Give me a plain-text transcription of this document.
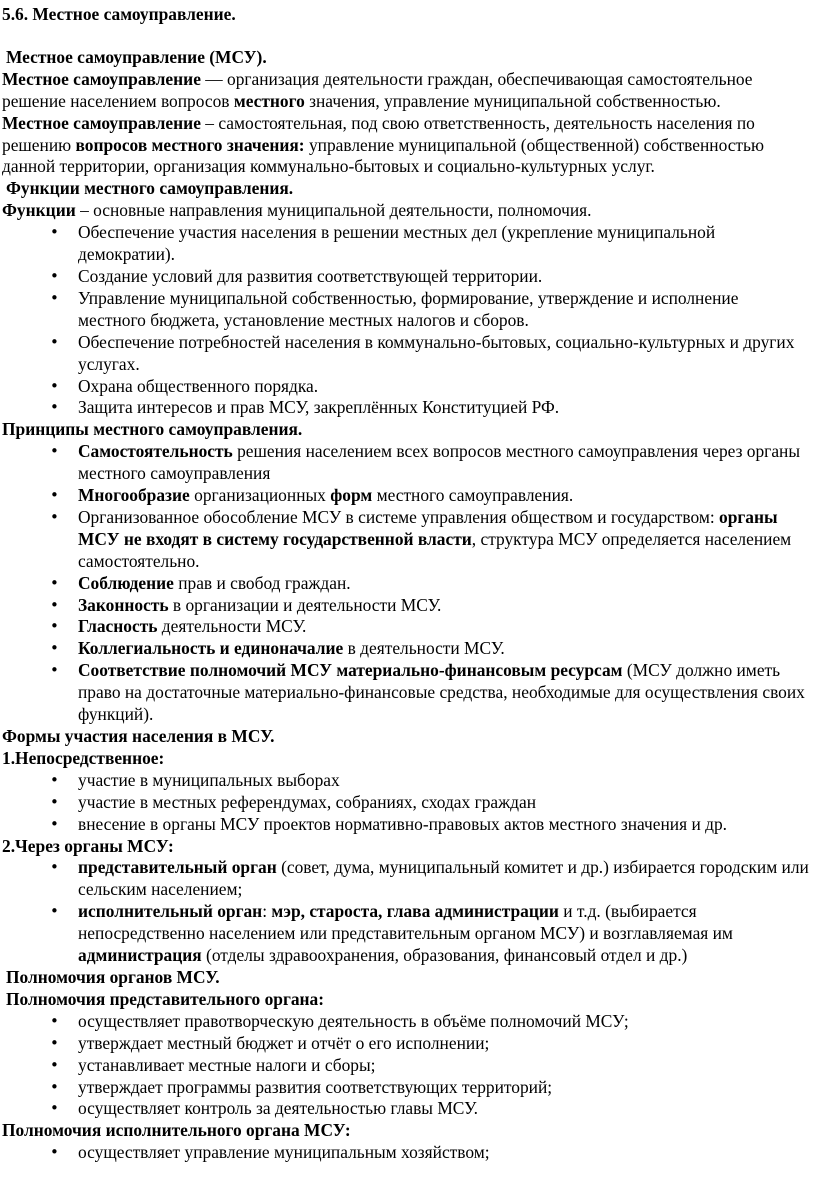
5.6. Местное самоуправление.

Местное самоуправление (МСУ).

Местное самоуправление — организация деятельности граждан, обеспечивающая самостоятельное решение населением вопросов местного значения, управление муниципальной собственностью.

Местное самоуправление – самостоятельная, под свою ответственность, деятельность населения по решению вопросов местного значения: управление муниципальной (общественной) собственностью данной территории, организация коммунально-бытовых и социально-культурных услуг.

Функции местного самоуправления.

Функции – основные направления муниципальной деятельности, полномочия.

• Обеспечение участия населения в решении местных дел (укрепление муниципальной демократии).
• Создание условий для развития соответствующей территории.
• Управление муниципальной собственностью, формирование, утверждение и исполнение местного бюджета, установление местных налогов и сборов.
• Обеспечение потребностей населения в коммунально-бытовых, социально-культурных и других услугах.
• Охрана общественного порядка.
• Защита интересов и прав МСУ, закреплённых Конституцией РФ.

Принципы местного самоуправления.

• Самостоятельность решения населением всех вопросов местного самоуправления через органы местного самоуправления
• Многообразие организационных форм местного самоуправления.
• Организованное обособление МСУ в системе управления обществом и государством: органы МСУ не входят в систему государственной власти, структура МСУ определяется населением самостоятельно.
• Соблюдение прав и свобод граждан.
• Законность в организации и деятельности МСУ.
• Гласность деятельности МСУ.
• Коллегиальность и единоначалие в деятельности МСУ.
• Соответствие полномочий МСУ материально-финансовым ресурсам (МСУ должно иметь право на достаточные материально-финансовые средства, необходимые для осуществления своих функций).

Формы участия населения в МСУ.

1.Непосредственное:

• участие в муниципальных выборах
• участие в местных референдумах, собраниях, сходах граждан
• внесение в органы МСУ проектов нормативно-правовых актов местного значения и др.

2.Через органы МСУ:

• представительный орган (совет, дума, муниципальный комитет и др.) избирается городским или сельским населением;
• исполнительный орган: мэр, староста, глава администрации и т.д. (выбирается непосредственно населением или представительным органом МСУ) и возглавляемая им администрация (отделы здравоохранения, образования, финансовый отдел и др.)

Полномочия органов МСУ.

Полномочия представительного органа:

• осуществляет правотворческую деятельность в объёме полномочий МСУ;
• утверждает местный бюджет и отчёт о его исполнении;
• устанавливает местные налоги и сборы;
• утверждает программы развития соответствующих территорий;
• осуществляет контроль за деятельностью главы МСУ.

Полномочия исполнительного органа МСУ:

• осуществляет управление муниципальным хозяйством;
